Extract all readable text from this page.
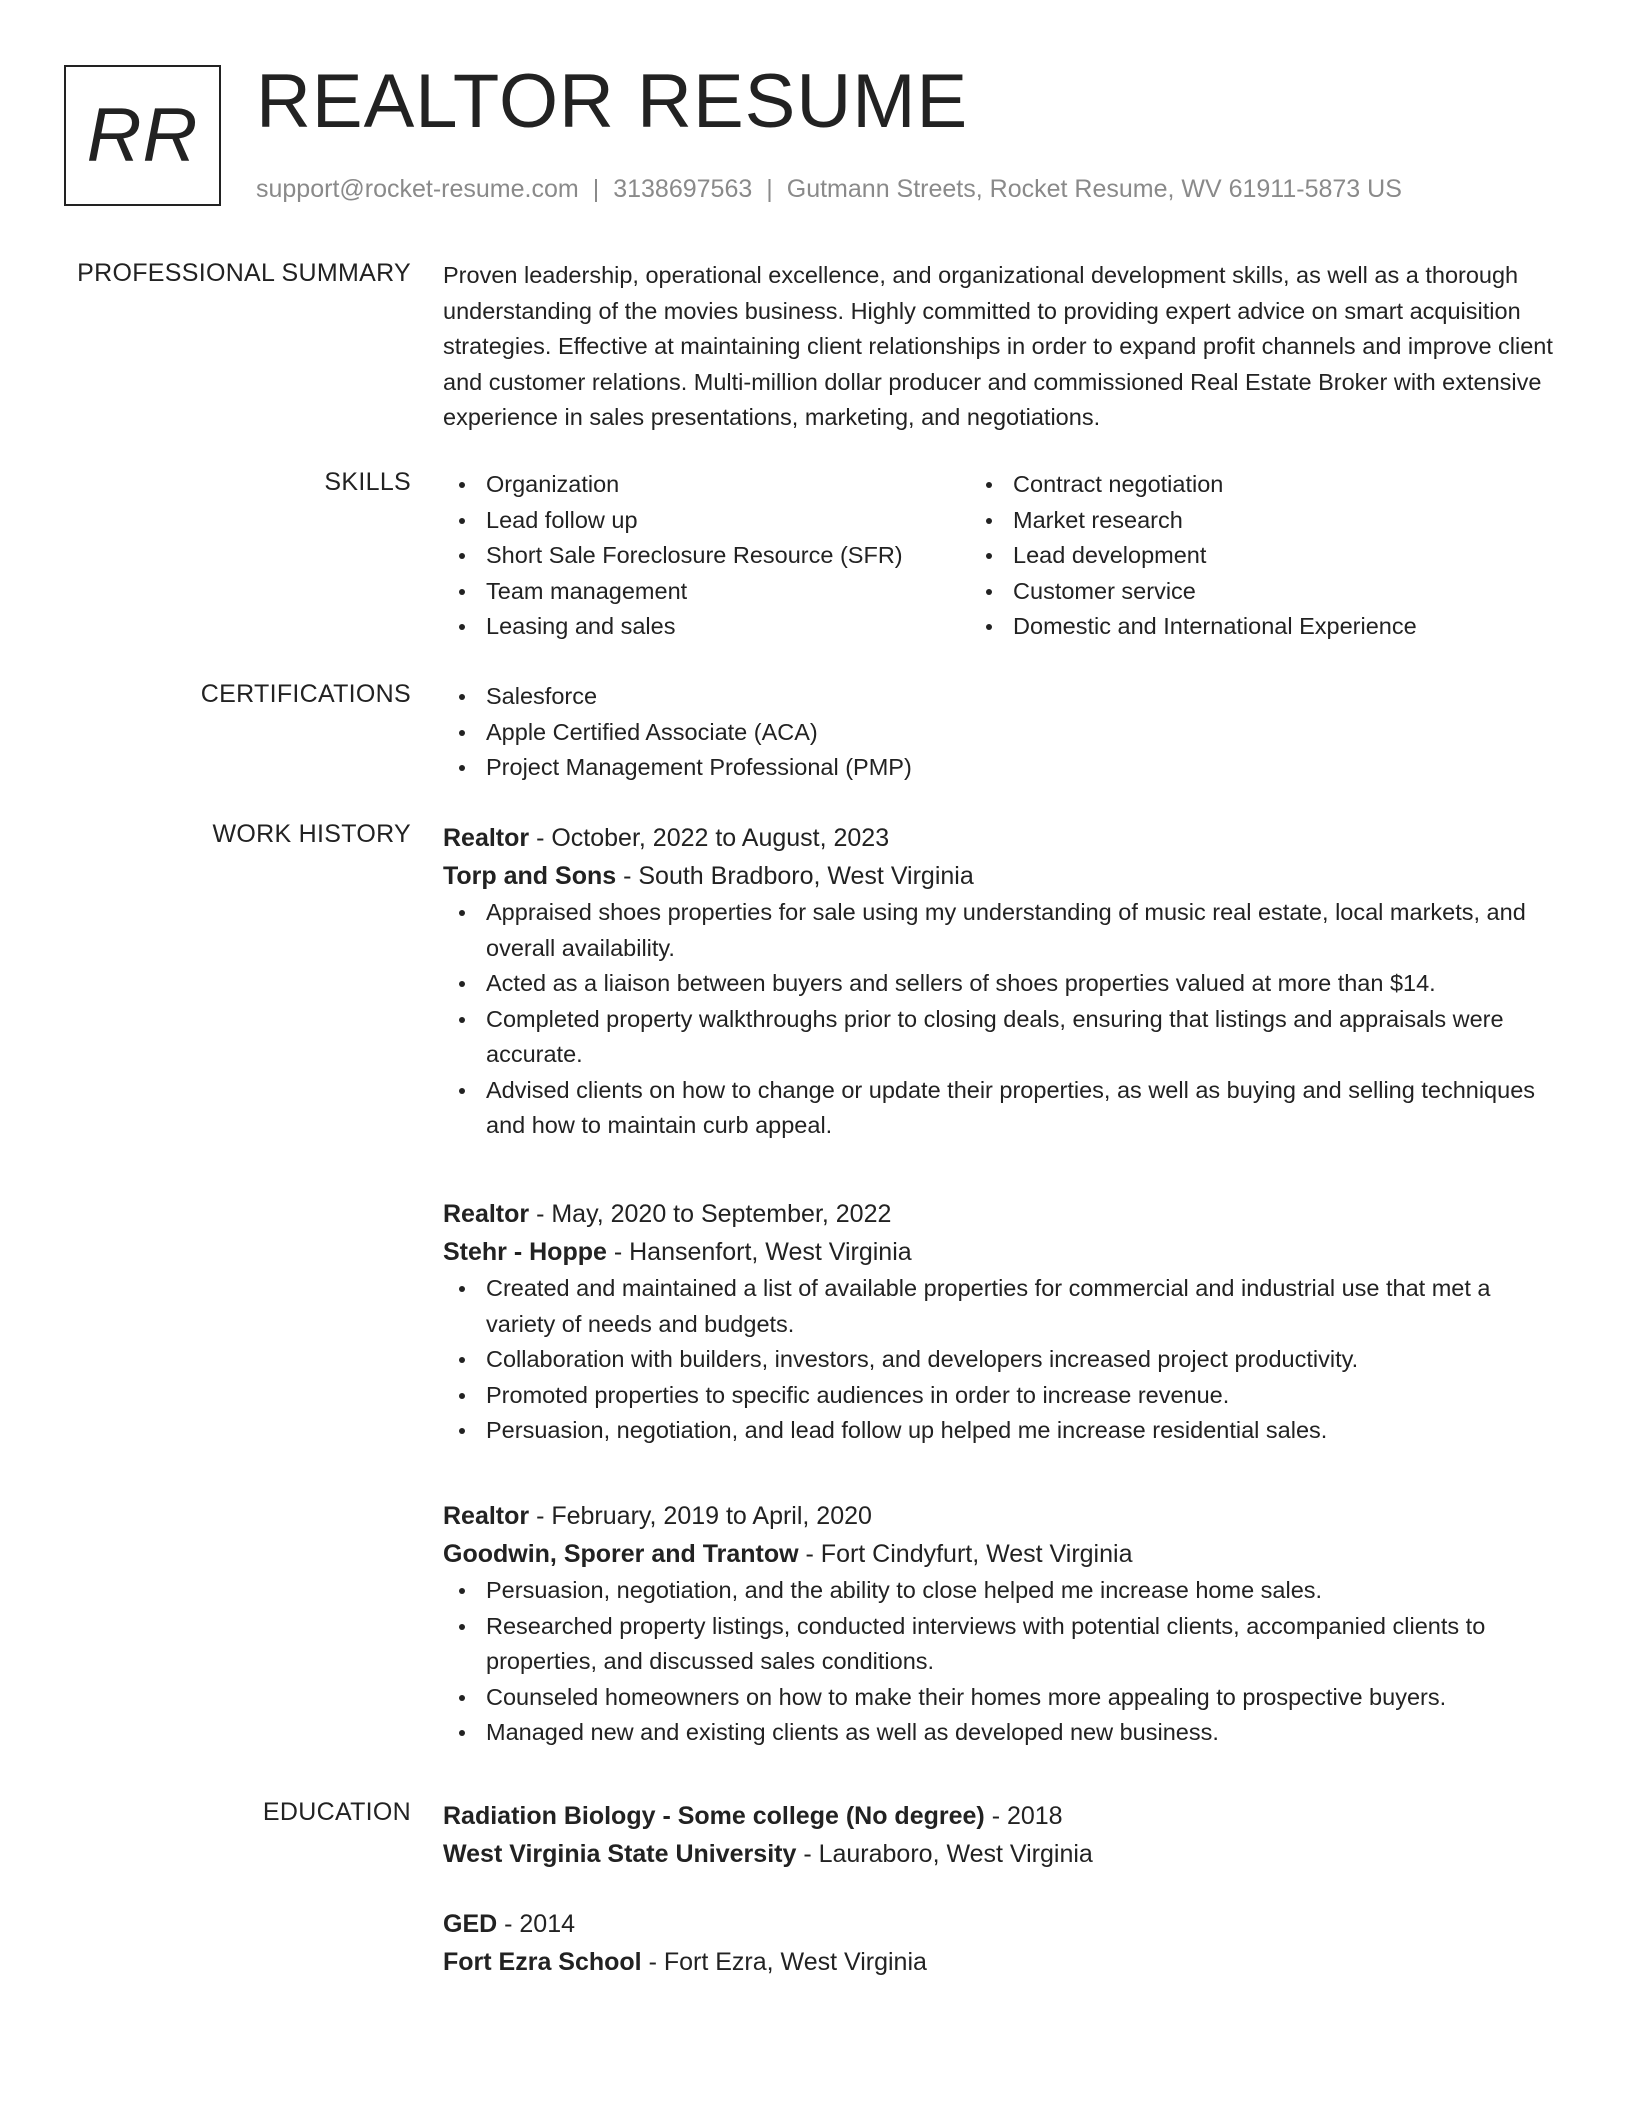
RR REALTOR RESUME
support@rocket-resume.com | 3138697563 | Gutmann Streets, Rocket Resume, WV 61911-5873 US
PROFESSIONAL SUMMARY Proven leadership, operational excellence, and organizational development skills, as well as a thorough understanding of the movies business. Highly committed to providing expert advice on smart acquisition strategies. Effective at maintaining client relationships in order to expand profit channels and improve client and customer relations. Multi-million dollar producer and commissioned Real Estate Broker with extensive experience in sales presentations, marketing, and negotiations.
SKILLS	Organization
Lead follow up
Short Sale Foreclosure Resource (SFR)
Team management
Leasing and sales
Contract negotiation
Market research
Lead development
Customer service
Domestic and International Experience
CERTIFICATIONS	Salesforce
Apple Certified Associate (ACA)
Project Management Professional (PMP)
WORK HISTORY Realtor - October, 2022 to August, 2023
Torp and Sons - South Bradboro, West Virginia
Appraised shoes properties for sale using my understanding of music real estate, local markets, and overall availability.
Acted as a liaison between buyers and sellers of shoes properties valued at more than $14.
Completed property walkthroughs prior to closing deals, ensuring that listings and appraisals were accurate.
Advised clients on how to change or update their properties, as well as buying and selling techniques and how to maintain curb appeal.
Realtor - May, 2020 to September, 2022
Stehr - Hoppe - Hansenfort, West Virginia
Created and maintained a list of available properties for commercial and industrial use that met a variety of needs and budgets.
Collaboration with builders, investors, and developers increased project productivity.
Promoted properties to specific audiences in order to increase revenue.
Persuasion, negotiation, and lead follow up helped me increase residential sales.
Realtor - February, 2019 to April, 2020
Goodwin, Sporer and Trantow - Fort Cindyfurt, West Virginia
Persuasion, negotiation, and the ability to close helped me increase home sales.
Researched property listings, conducted interviews with potential clients, accompanied clients to properties, and discussed sales conditions.
Counseled homeowners on how to make their homes more appealing to prospective buyers.
Managed new and existing clients as well as developed new business.
EDUCATION Radiation Biology - Some college (No degree) - 2018
West Virginia State University - Lauraboro, West Virginia
GED - 2014
Fort Ezra School - Fort Ezra, West Virginia
